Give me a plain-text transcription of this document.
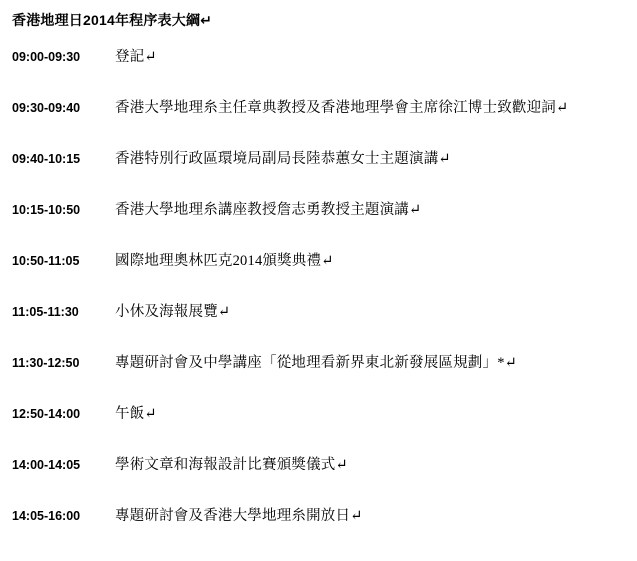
香港地理日2014年程序表大綱↵
09:00-09:30	登記↵
09:30-09:40	香港大學地理糸主任章典教授及香港地理學會主席徐江博士致歡迎詞↵
09:40-10:15	香港特別行政區環境局副局長陸恭蕙女士主題演講↵
10:15-10:50	香港大學地理糸講座教授詹志勇教授主題演講↵
10:50-11:05	國際地理奧林匹克2014頒獎典禮↵
11:05-11:30	小休及海報展覽↵
11:30-12:50	專題研討會及中學講座「從地理看新界東北新發展區規劃」*↵
12:50-14:00	午飯↵
14:00-14:05	學術文章和海報設計比賽頒獎儀式↵
14:05-16:00	專題研討會及香港大學地理糸開放日↵
